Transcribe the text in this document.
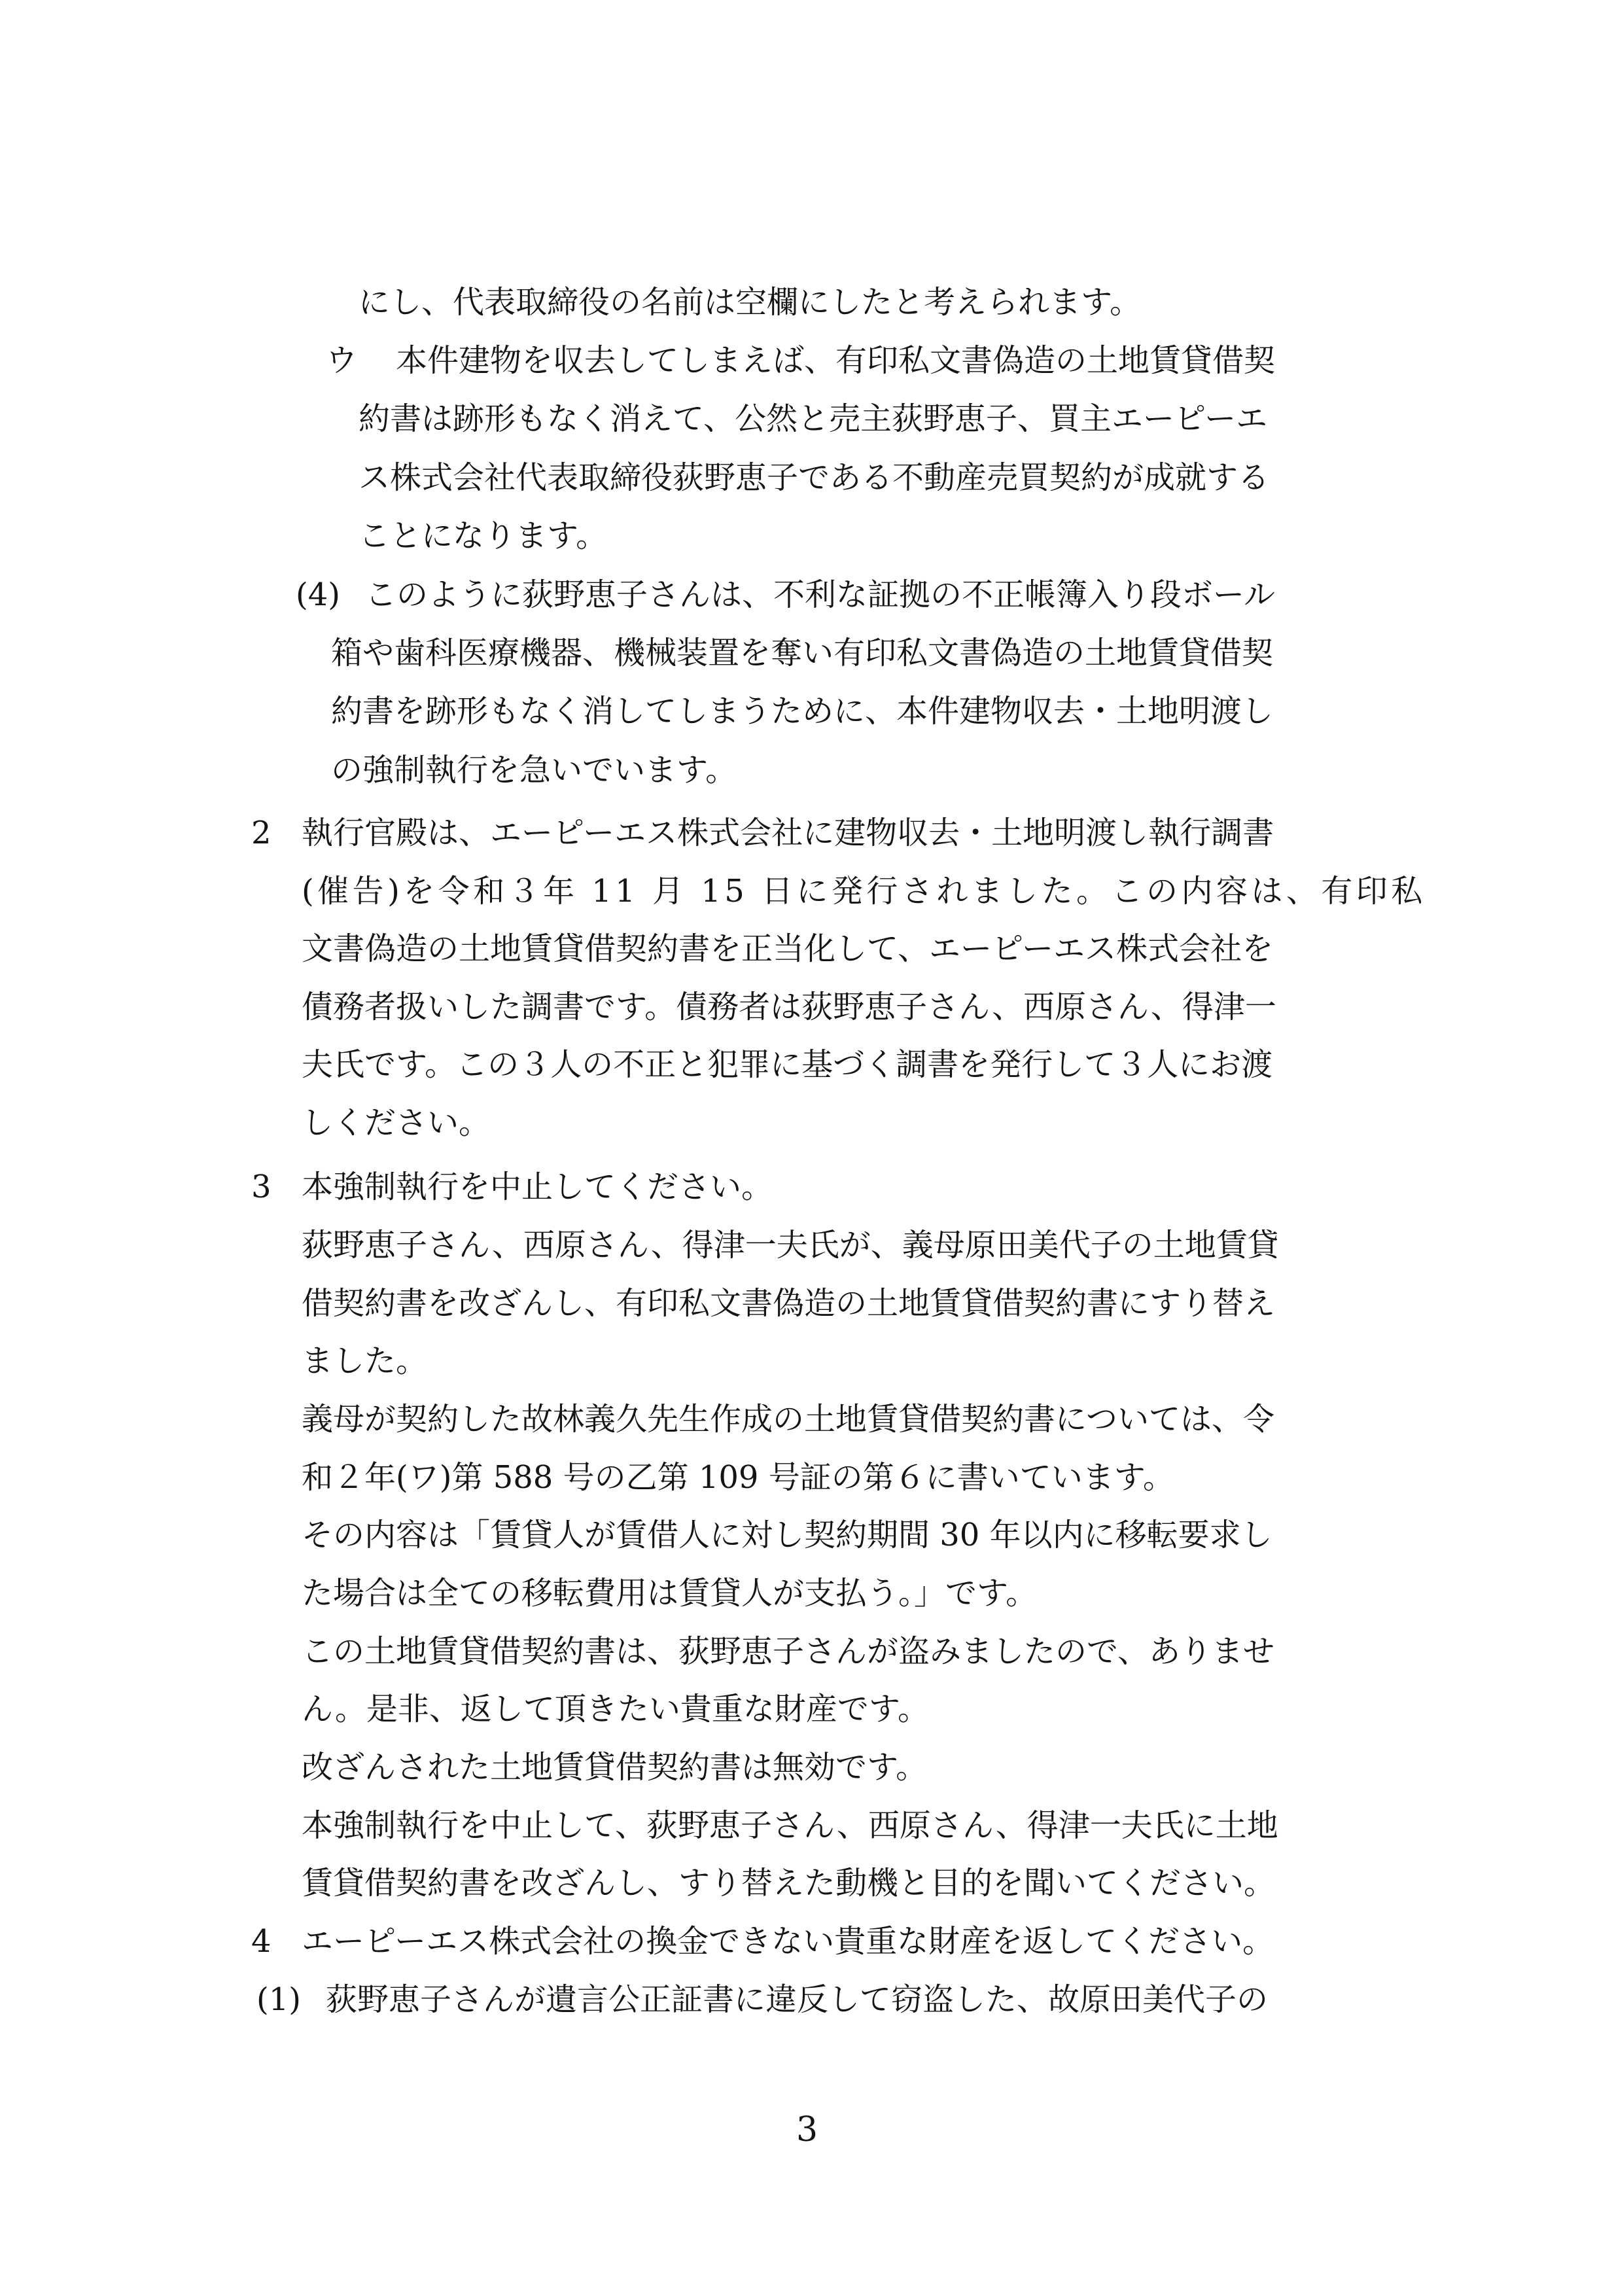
にし、代表取締役の名前は空欄にしたと考えられます。
ウ 本件建物を収去してしまえば、有印私文書偽造の土地賃貸借契
約書は跡形もなく消えて、公然と売主荻野恵子、買主エーピーエ
ス株式会社代表取締役荻野恵子である不動産売買契約が成就する
ことになります。
(4) このように荻野恵子さんは、不利な証拠の不正帳簿入り段ボール
箱や歯科医療機器、機械装置を奪い有印私文書偽造の土地賃貸借契
約書を跡形もなく消してしまうために、本件建物収去・土地明渡し
の強制執行を急いでいます。
2 執行官殿は、エーピーエス株式会社に建物収去・土地明渡し執行調書
(催告)を令和３年 11 月 15 日に発行されました。この内容は、有印私
文書偽造の土地賃貸借契約書を正当化して、エーピーエス株式会社を
債務者扱いした調書です。債務者は荻野恵子さん、西原さん、得津一
夫氏です。この３人の不正と犯罪に基づく調書を発行して３人にお渡
しください。
3 本強制執行を中止してください。
荻野恵子さん、西原さん、得津一夫氏が、義母原田美代子の土地賃貸
借契約書を改ざんし、有印私文書偽造の土地賃貸借契約書にすり替え
ました。
義母が契約した故林義久先生作成の土地賃貸借契約書については、令
和２年(ワ)第 588 号の乙第 109 号証の第６に書いています。
その内容は「賃貸人が賃借人に対し契約期間 30 年以内に移転要求し
た場合は全ての移転費用は賃貸人が支払う。」です。
この土地賃貸借契約書は、荻野恵子さんが盗みましたので、ありませ
ん。是非、返して頂きたい貴重な財産です。
改ざんされた土地賃貸借契約書は無効です。
本強制執行を中止して、荻野恵子さん、西原さん、得津一夫氏に土地
賃貸借契約書を改ざんし、すり替えた動機と目的を聞いてください。
4 エーピーエス株式会社の換金できない貴重な財産を返してください。
(1) 荻野恵子さんが遺言公正証書に違反して窃盗した、故原田美代子の
3
